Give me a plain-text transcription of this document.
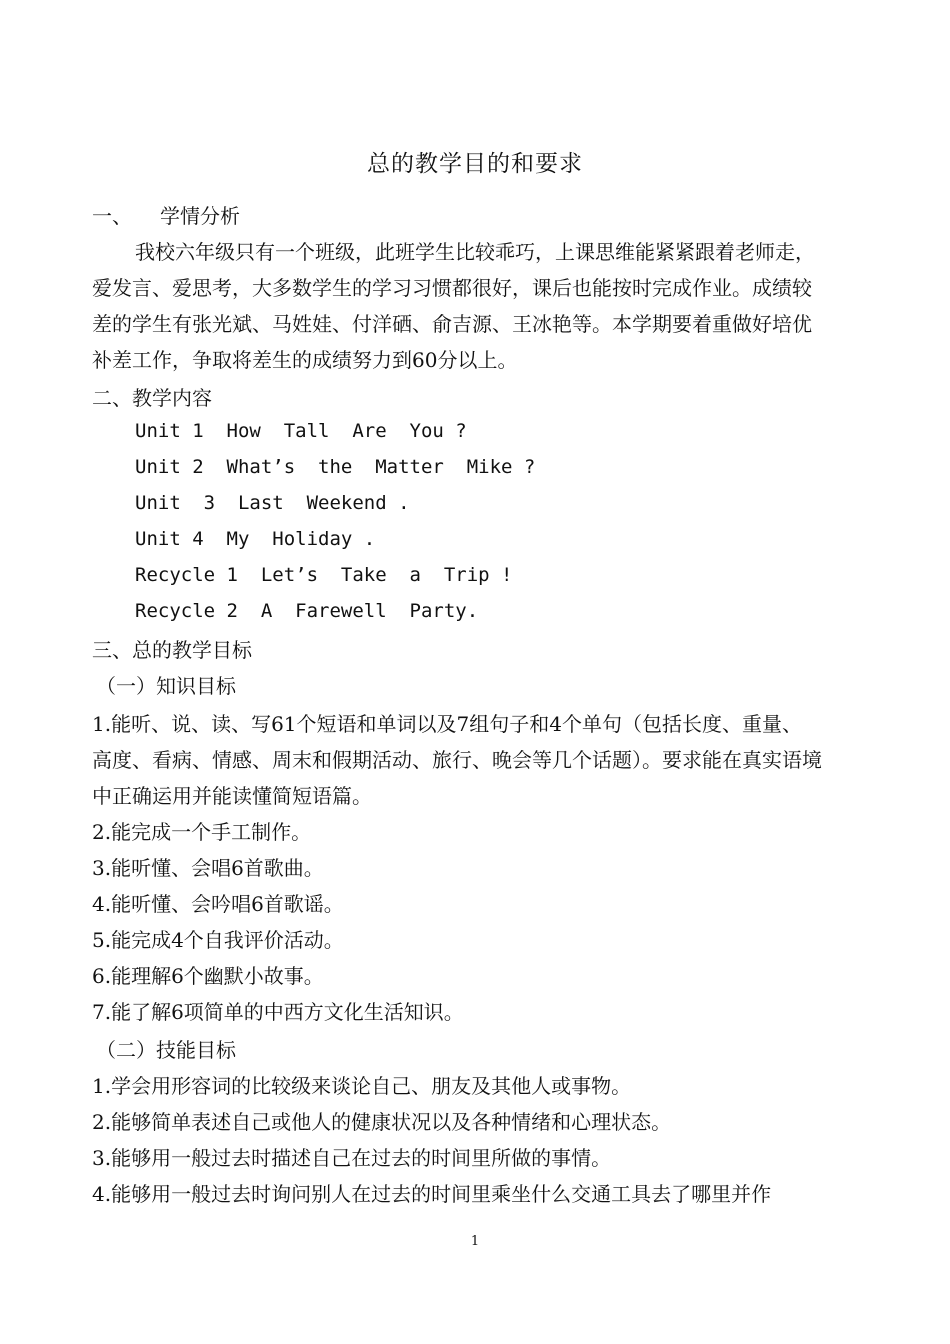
总的教学目的和要求
一、 学情分析
我校六年级只有一个班级，此班学生比较乖巧，上课思维能紧紧跟着老师走，
爱发言、爱思考，大多数学生的学习习惯都很好，课后也能按时完成作业。成绩较
差的学生有张光斌、马姓娃、付洋硒、俞吉源、王冰艳等。本学期要着重做好培优
补差工作，争取将差生的成绩努力到60分以上。
二、教学内容
Unit 1  How  Tall  Are  You ?
Unit 2  What’s  the  Matter  Mike ?
Unit  3  Last  Weekend .
Unit 4  My  Holiday .
Recycle 1  Let’s  Take  a  Trip !
Recycle 2  A  Farewell  Party.
三、总的教学目标
（一）知识目标
1.能听、说、读、写61个短语和单词以及7组句子和4个单句（包括长度、重量、
高度、看病、情感、周末和假期活动、旅行、晚会等几个话题）。要求能在真实语境
中正确运用并能读懂简短语篇。
2.能完成一个手工制作。
3.能听懂、会唱6首歌曲。
4.能听懂、会吟唱6首歌谣。
5.能完成4个自我评价活动。
6.能理解6个幽默小故事。
7.能了解6项简单的中西方文化生活知识。
（二）技能目标
1.学会用形容词的比较级来谈论自己、朋友及其他人或事物。
2.能够简单表述自己或他人的健康状况以及各种情绪和心理状态。
3.能够用一般过去时描述自己在过去的时间里所做的事情。
4.能够用一般过去时询问别人在过去的时间里乘坐什么交通工具去了哪里并作
1
